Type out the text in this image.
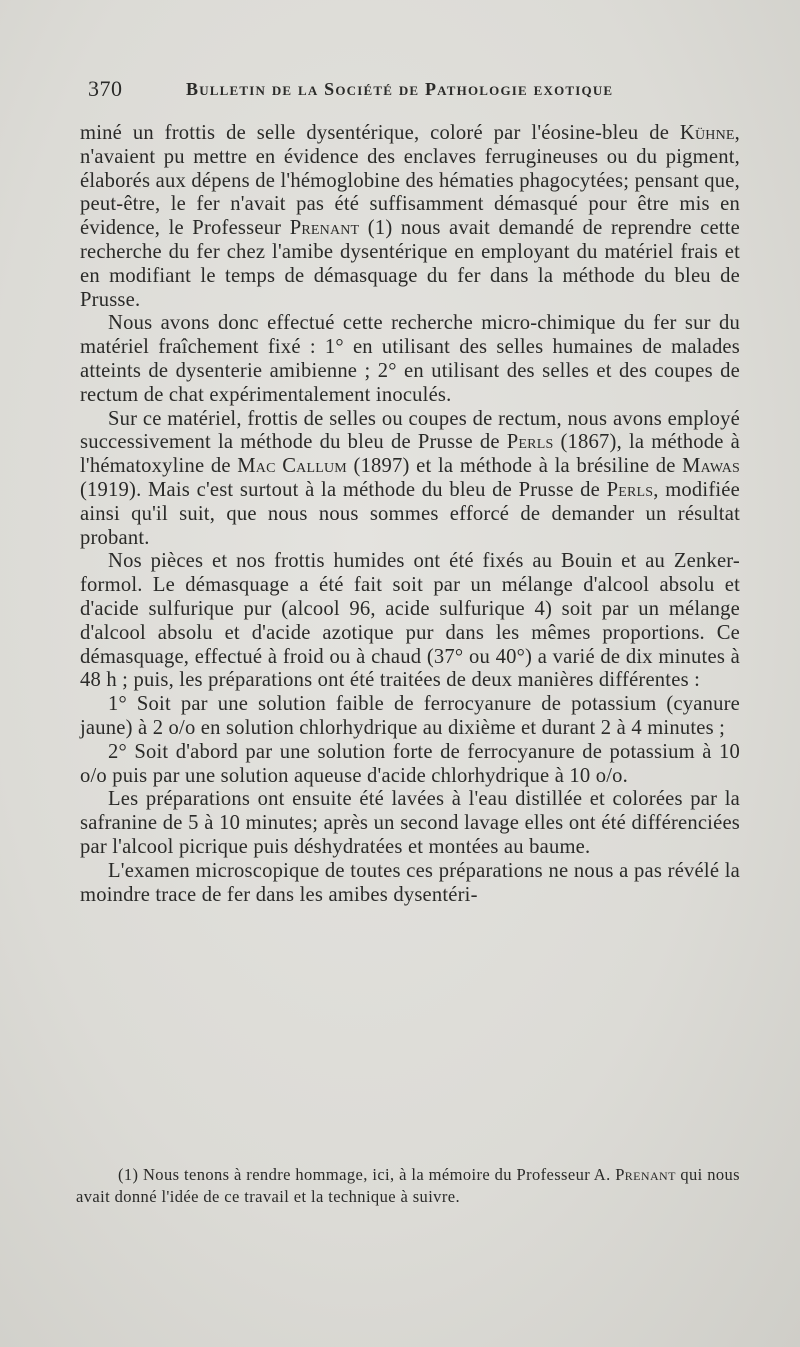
370	Bulletin de la Société de Pathologie exotique

miné un frottis de selle dysentérique, coloré par l'éosine-bleu de Kühne, n'avaient pu mettre en évidence des enclaves ferrugineuses ou du pigment, élaborés aux dépens de l'hémoglobine des hématies phagocytées; pensant que, peut-être, le fer n'avait pas été suffisamment démasqué pour être mis en évidence, le Professeur Prenant (1) nous avait demandé de reprendre cette recherche du fer chez l'amibe dysentérique en employant du matériel frais et en modifiant le temps de démasquage du fer dans la méthode du bleu de Prusse.

Nous avons donc effectué cette recherche micro-chimique du fer sur du matériel fraîchement fixé : 1° en utilisant des selles humaines de malades atteints de dysenterie amibienne ; 2° en utilisant des selles et des coupes de rectum de chat expérimentalement inoculés.

Sur ce matériel, frottis de selles ou coupes de rectum, nous avons employé successivement la méthode du bleu de Prusse de Perls (1867), la méthode à l'hématoxyline de Mac Callum (1897) et la méthode à la brésiline de Mawas (1919). Mais c'est surtout à la méthode du bleu de Prusse de Perls, modifiée ainsi qu'il suit, que nous nous sommes efforcé de demander un résultat probant.

Nos pièces et nos frottis humides ont été fixés au Bouin et au Zenker-formol. Le démasquage a été fait soit par un mélange d'alcool absolu et d'acide sulfurique pur (alcool 96, acide sulfurique 4) soit par un mélange d'alcool absolu et d'acide azotique pur dans les mêmes proportions. Ce démasquage, effectué à froid ou à chaud (37° ou 40°) a varié de dix minutes à 48 h ; puis, les préparations ont été traitées de deux manières différentes :

1° Soit par une solution faible de ferrocyanure de potassium (cyanure jaune) à 2 o/o en solution chlorhydrique au dixième et durant 2 à 4 minutes ;

2° Soit d'abord par une solution forte de ferrocyanure de potassium à 10 o/o puis par une solution aqueuse d'acide chlorhydrique à 10 o/o.

Les préparations ont ensuite été lavées à l'eau distillée et colorées par la safranine de 5 à 10 minutes; après un second lavage elles ont été différenciées par l'alcool picrique puis déshydratées et montées au baume.

L'examen microscopique de toutes ces préparations ne nous a pas révélé la moindre trace de fer dans les amibes dysentéri-

(1) Nous tenons à rendre hommage, ici, à la mémoire du Professeur A. Prenant qui nous avait donné l'idée de ce travail et la technique à suivre.
